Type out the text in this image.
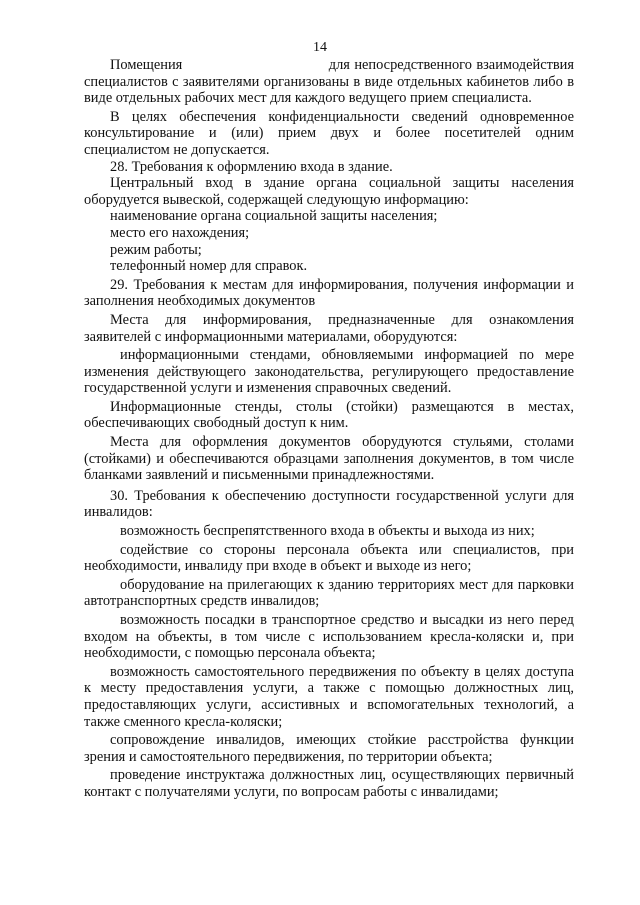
14

Помещения                                 для непосредственного взаимодействия специалистов с заявителями организованы в виде отдельных кабинетов либо в виде отдельных рабочих мест для каждого ведущего прием специалиста.

В целях обеспечения конфиденциальности сведений одновременное консультирование и (или) прием двух и более посетителей одним специалистом не допускается.

28. Требования к оформлению входа в здание.

Центральный вход в здание органа социальной защиты населения оборудуется вывеской, содержащей следующую информацию:

наименование органа социальной защиты населения;

место его нахождения;

режим работы;

телефонный номер для справок.

29. Требования к местам для информирования, получения информации и заполнения необходимых документов

Места для информирования, предназначенные для ознакомления заявителей с информационными материалами, оборудуются:

информационными стендами, обновляемыми информацией по мере изменения действующего законодательства, регулирующего предоставление государственной услуги и изменения справочных сведений.

Информационные стенды, столы (стойки) размещаются в местах, обеспечивающих свободный доступ к ним.

Места для оформления документов оборудуются стульями, столами (стойками) и обеспечиваются образцами заполнения документов, в том числе бланками заявлений и письменными принадлежностями.

30. Требования к обеспечению доступности государственной услуги для инвалидов:

возможность беспрепятственного входа в объекты и выхода из них;

содействие со стороны персонала объекта или специалистов, при необходимости, инвалиду при входе в объект и выходе из него;

оборудование на прилегающих к зданию территориях мест для парковки автотранспортных средств инвалидов;

возможность посадки в транспортное средство и высадки из него перед входом на объекты, в том числе с использованием кресла-коляски и, при необходимости, с помощью персонала объекта;

возможность самостоятельного передвижения по объекту в целях доступа к месту предоставления услуги, а также с помощью должностных лиц, предоставляющих услуги, ассистивных и вспомогательных технологий, а также сменного кресла-коляски;

сопровождение инвалидов, имеющих стойкие расстройства функции зрения и самостоятельного передвижения, по территории объекта;

проведение инструктажа должностных лиц, осуществляющих первичный контакт с получателями услуги, по вопросам работы с инвалидами;
